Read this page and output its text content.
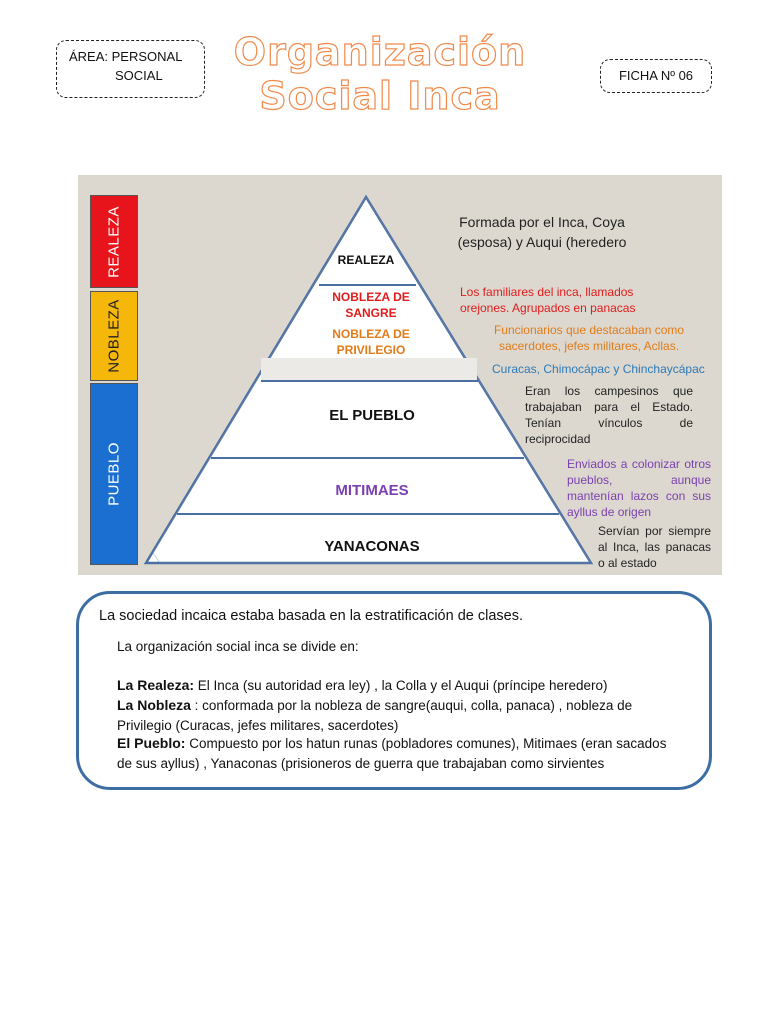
ÁREA: PERSONAL
SOCIAL
Organización
Social Inca	FICHA Nº 06
REALEZA
NOBLEZA
PUEBLO
REALEZA
NOBLEZA DE SANGRE
NOBLEZA DE PRIVILEGIO
EL PUEBLO
MITIMAES
YANACONAS
Formada por el Inca, Coya (esposa) y Auqui (heredero
Los familiares del inca, llamados orejones. Agrupados en panacas
Funcionarios que destacaban como sacerdotes, jefes militares, Acllas.
Curacas, Chimocápac y Chinchaycápac
Eran los campesinos que trabajaban para el Estado. Tenían vínculos de reciprocidad
Enviados a colonizar otros pueblos, aunque mantenían lazos con sus ayllus de origen
Servían por siempre al Inca, las panacas o al estado
La sociedad incaica estaba basada en la estratificación de clases.
La organización social inca se divide en:
La Realeza: El Inca (su autoridad era ley) , la Colla y el Auqui (príncipe heredero)
La Nobleza : conformada por la nobleza de sangre(auqui, colla, panaca) , nobleza de Privilegio (Curacas, jefes militares, sacerdotes)
El Pueblo: Compuesto por los hatun runas (pobladores comunes), Mitimaes (eran sacados de sus ayllus) , Yanaconas (prisioneros de guerra que trabajaban como sirvientes
